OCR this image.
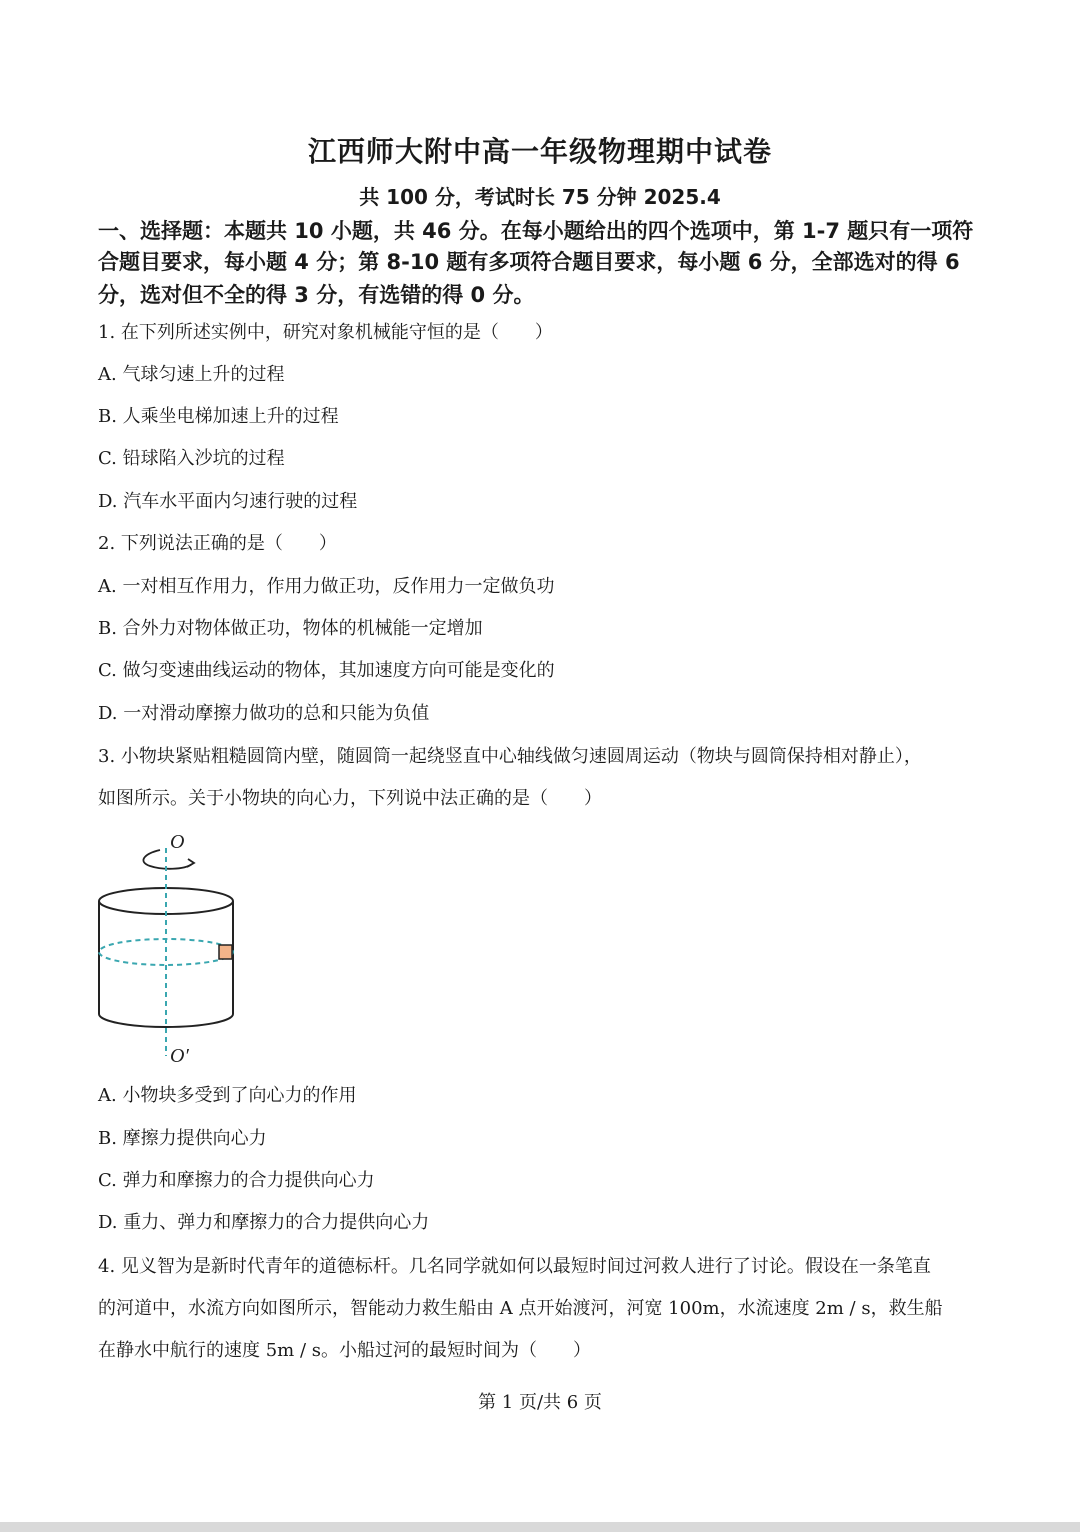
江西师大附中高一年级物理期中试卷
共 100 分，考试时长 75 分钟 2025.4
一、选择题：本题共 10 小题，共 46 分。在每小题给出的四个选项中，第 1-7 题只有一项符
合题目要求，每小题 4 分；第 8-10 题有多项符合题目要求，每小题 6 分，全部选对的得 6
分，选对但不全的得 3 分，有选错的得 0 分。
1. 在下列所述实例中，研究对象机械能守恒的是（　　）
A. 气球匀速上升的过程
B. 人乘坐电梯加速上升的过程
C. 铅球陷入沙坑的过程
D. 汽车水平面内匀速行驶的过程
2. 下列说法正确的是（　　）
A. 一对相互作用力，作用力做正功，反作用力一定做负功
B. 合外力对物体做正功，物体的机械能一定增加
C. 做匀变速曲线运动的物体，其加速度方向可能是变化的
D. 一对滑动摩擦力做功的总和只能为负值
3. 小物块紧贴粗糙圆筒内壁，随圆筒一起绕竖直中心轴线做匀速圆周运动（物块与圆筒保持相对静止），
如图所示。关于小物块的向心力，下列说中法正确的是（　　）
O
O′
A. 小物块多受到了向心力的作用
B. 摩擦力提供向心力
C. 弹力和摩擦力的合力提供向心力
D. 重力、弹力和摩擦力的合力提供向心力
4. 见义智为是新时代青年的道德标杆。几名同学就如何以最短时间过河救人进行了讨论。假设在一条笔直
的河道中，水流方向如图所示，智能动力救生船由 A 点开始渡河，河宽 100m，水流速度 2m / s，救生船
在静水中航行的速度 5m / s。小船过河的最短时间为（　　）
第 1 页/共 6 页
